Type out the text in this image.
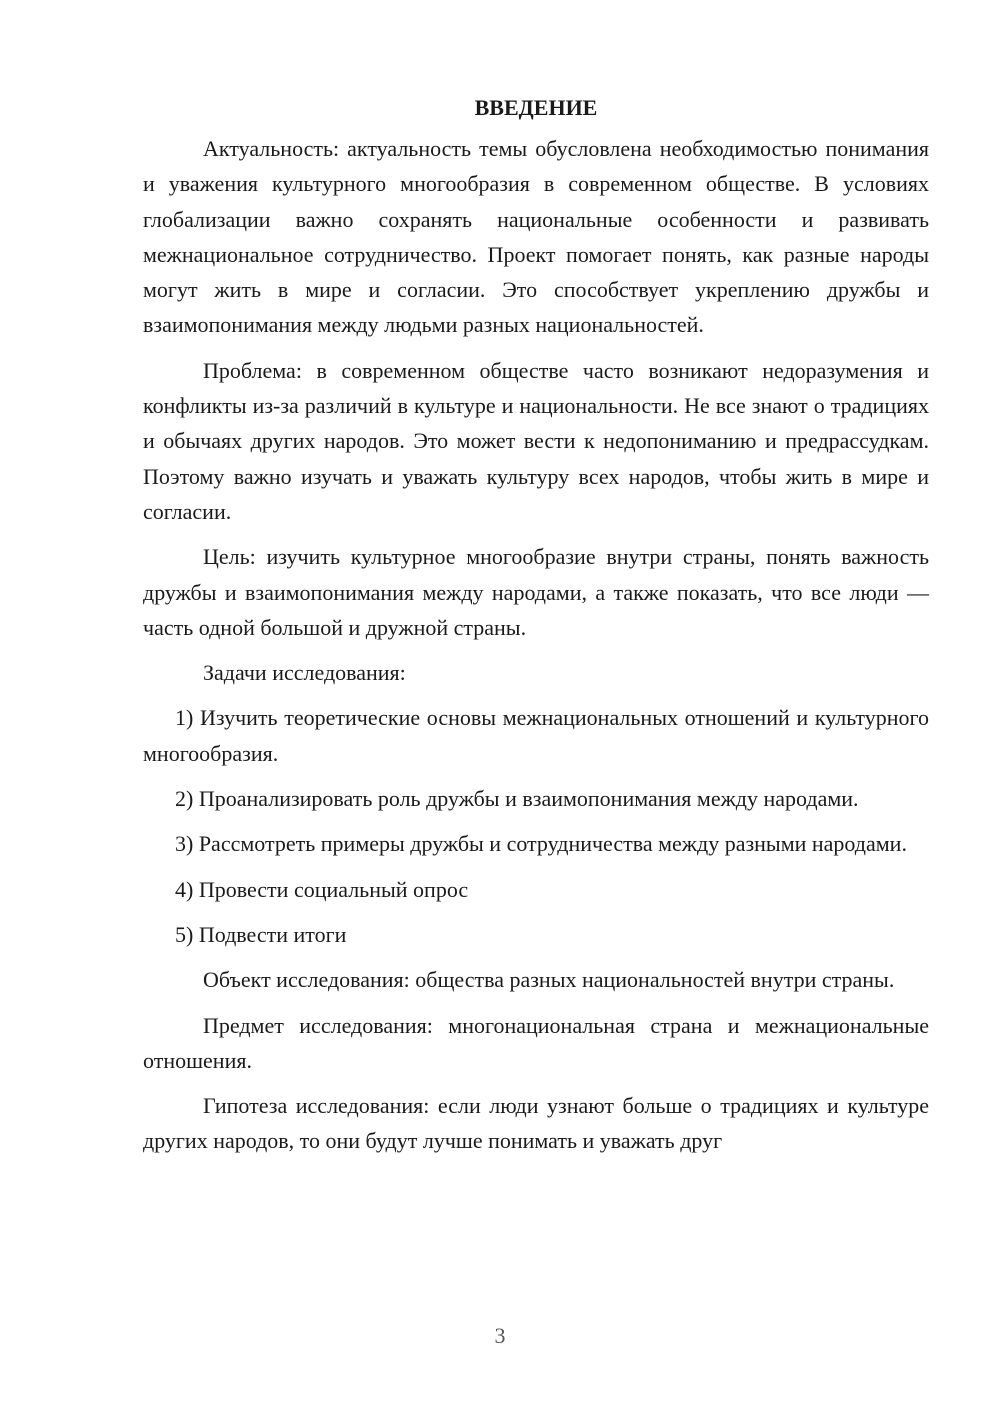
ВВЕДЕНИЕ

Актуальность: актуальность темы обусловлена необходимостью понимания и уважения культурного многообразия в современном обществе. В условиях глобализации важно сохранять национальные особенности и развивать межнациональное сотрудничество. Проект помогает понять, как разные народы могут жить в мире и согласии. Это способствует укреплению дружбы и взаимопонимания между людьми разных национальностей.

Проблема: в современном обществе часто возникают недоразумения и конфликты из-за различий в культуре и национальности. Не все знают о традициях и обычаях других народов. Это может вести к недопониманию и предрассудкам. Поэтому важно изучать и уважать культуру всех народов, чтобы жить в мире и согласии.

Цель: изучить культурное многообразие внутри страны, понять важность дружбы и взаимопонимания между народами, а также показать, что все люди — часть одной большой и дружной страны.

Задачи исследования:

1) Изучить теоретические основы межнациональных отношений и культурного многообразия.

2) Проанализировать роль дружбы и взаимопонимания между народами.

3) Рассмотреть примеры дружбы и сотрудничества между разными народами.

4) Провести социальный опрос

5) Подвести итоги

Объект исследования: общества разных национальностей внутри страны.

Предмет исследования: многонациональная страна и межнациональные отношения.

Гипотеза исследования: если люди узнают больше о традициях и культуре других народов, то они будут лучше понимать и уважать друг

3
